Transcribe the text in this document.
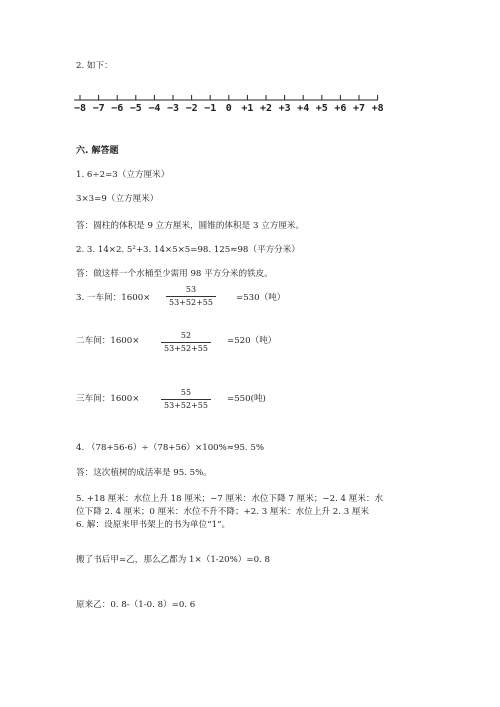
2. 如下：
−8 −7 −6 −5 −4 −3 −2 −1 0 +1 +2 +3 +4 +5 +6 +7 +8
六. 解答题
1. 6÷2=3（立方厘米）
3×3=9（立方厘米）
答：圆柱的体积是 9 立方厘米，圆锥的体积是 3 立方厘米。
2. 3. 14×2. 5²+3. 14×5×5=98. 125≈98（平方分米）
答：做这样一个水桶至少需用 98 平方分米的铁皮。
3. 一车间：1600×
53
53+52+55	=530（吨）
二车间：1600×
52
53+52+55
=520（吨）
三车间：1600×
55
53+52+55
=550(吨)
4. （78+56-6）÷（78+56）×100%≈95. 5%
答：这次植树的成活率是 95. 5%。
5. +18 厘米：水位上升 18 厘米；−7 厘米：水位下降 7 厘米；−2. 4 厘米：水
位下降 2. 4 厘米；0 厘米：水位不升不降；+2. 3 厘米：水位上升 2. 3 厘米
6. 解：设原来甲书架上的书为单位“1”。
搬了书后甲=乙，那么乙都为 1×（1-20%）=0. 8
原来乙：0. 8-（1-0. 8）=0. 6
